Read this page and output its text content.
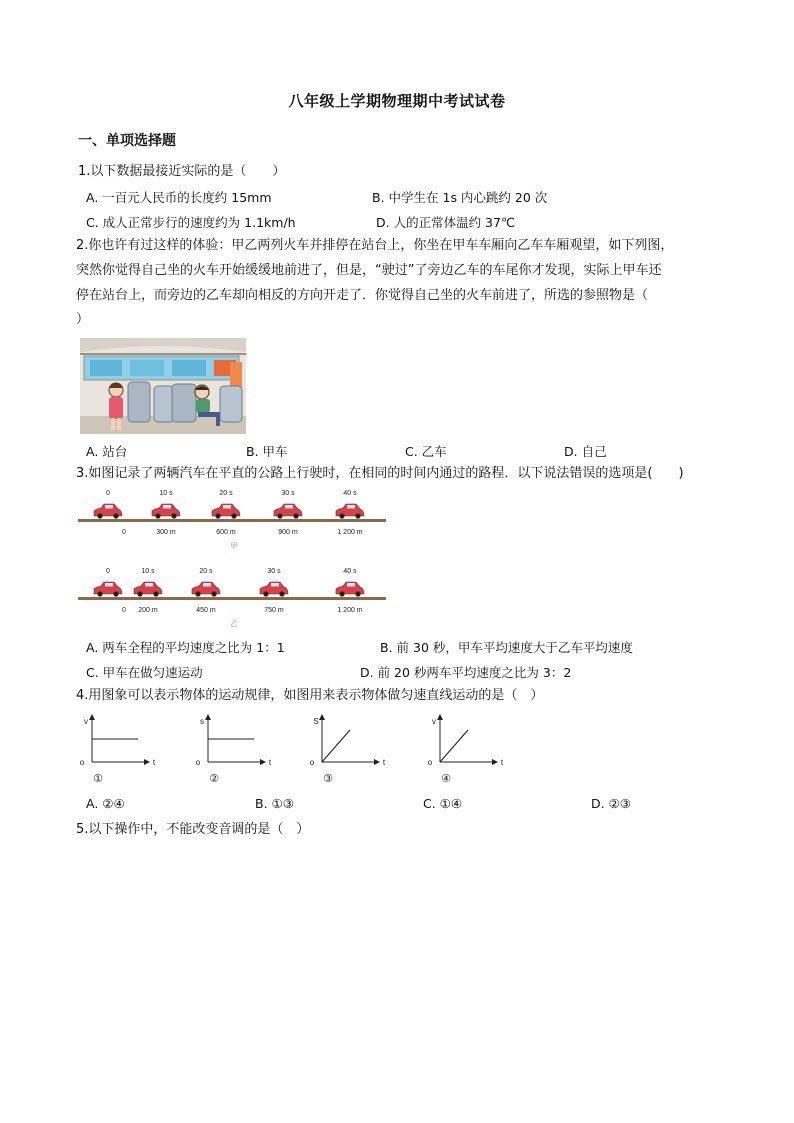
八年级上学期物理期中考试试卷
一、单项选择题
1.以下数据最接近实际的是（　　）
A. 一百元人民币的长度约 15mm	B. 中学生在 1s 内心跳约 20 次
C. 成人正常步行的速度约为 1.1km/h	D. 人的正常体温约 37℃
2.你也许有过这样的体验：甲乙两列火车并排停在站台上，你坐在甲车车厢向乙车车厢观望，如下列图，
突然你觉得自己坐的火车开始缓缓地前进了，但是，“驶过”了旁边乙车的车尾你才发现，实际上甲车还
停在站台上，而旁边的乙车却向相反的方向开走了．你觉得自己坐的火车前进了，所选的参照物是（
）
A. 站台	B. 甲车	C. 乙车	D. 自己
3.如图记录了两辆汽车在平直的公路上行驶时，在相同的时间内通过的路程．以下说法错误的选项是(　　)
0	10 s	20 s	30 s	40 s
0	300 m	600 m	900 m	1 200 m
甲
0	10 s	20 s	30 s	40 s
0 200 m	450 m	750 m	1 200 m
乙
A. 两车全程的平均速度之比为 1：1	B. 前 30 秒，甲车平均速度大于乙车平均速度
C. 甲车在做匀速运动	D. 前 20 秒两车平均速度之比为 3：2
4.用图象可以表示物体的运动规律，如图用来表示物体做匀速直线运动的是（　）
v
o	t
①
s
o	t
②
S
o	t
③
v
o	t
④
A. ②④	B. ①③	C. ①④	D. ②③
5.以下操作中，不能改变音调的是（　）
